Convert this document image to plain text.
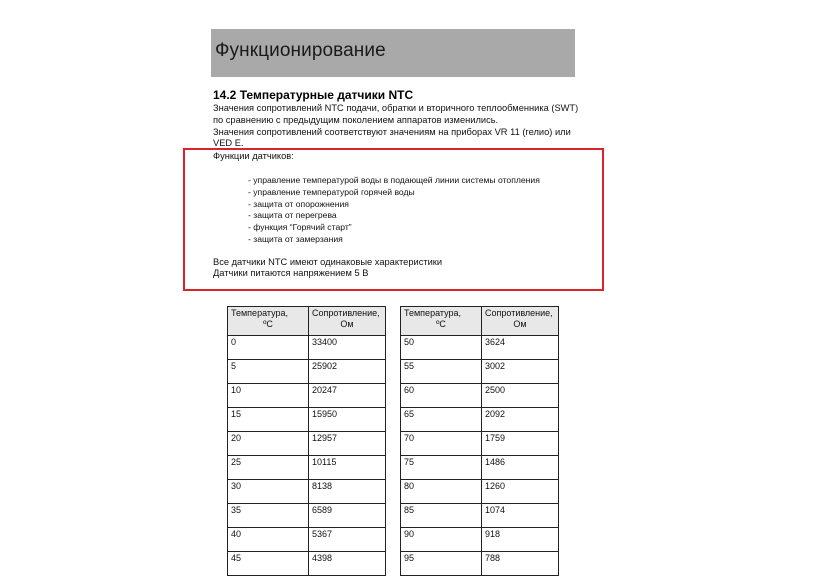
Функционирование
14.2 Температурные датчики NTC
Значения сопротивлений NTC подачи, обратки и вторичного теплообменника (SWT)
по сравнению с предыдущим поколением аппаратов изменились.
Значения сопротивлений соответствуют значениям на приборах VR 11 (гелио) или
VED E.
Функции датчиков:
- управление температурой воды в подающей линии системы отопления
- управление температурой горячей воды
- защита от опорожнения
- защита от перегрева
- функция “Горячий старт”
- защита от замерзания
Все датчики NTC имеют одинаковые характеристики
Датчики питаются напряжением 5 В
Температура,
ºC	Сопротивление,
Ом

0	33400
5	25902
10	20247
15	15950
20	12957
25	10115
30	8138
35	6589
40	5367
45	4398
Температура,
ºC	Сопротивление,
Ом

50	3624
55	3002
60	2500
65	2092
70	1759
75	1486
80	1260
85	1074
90	918
95	788
